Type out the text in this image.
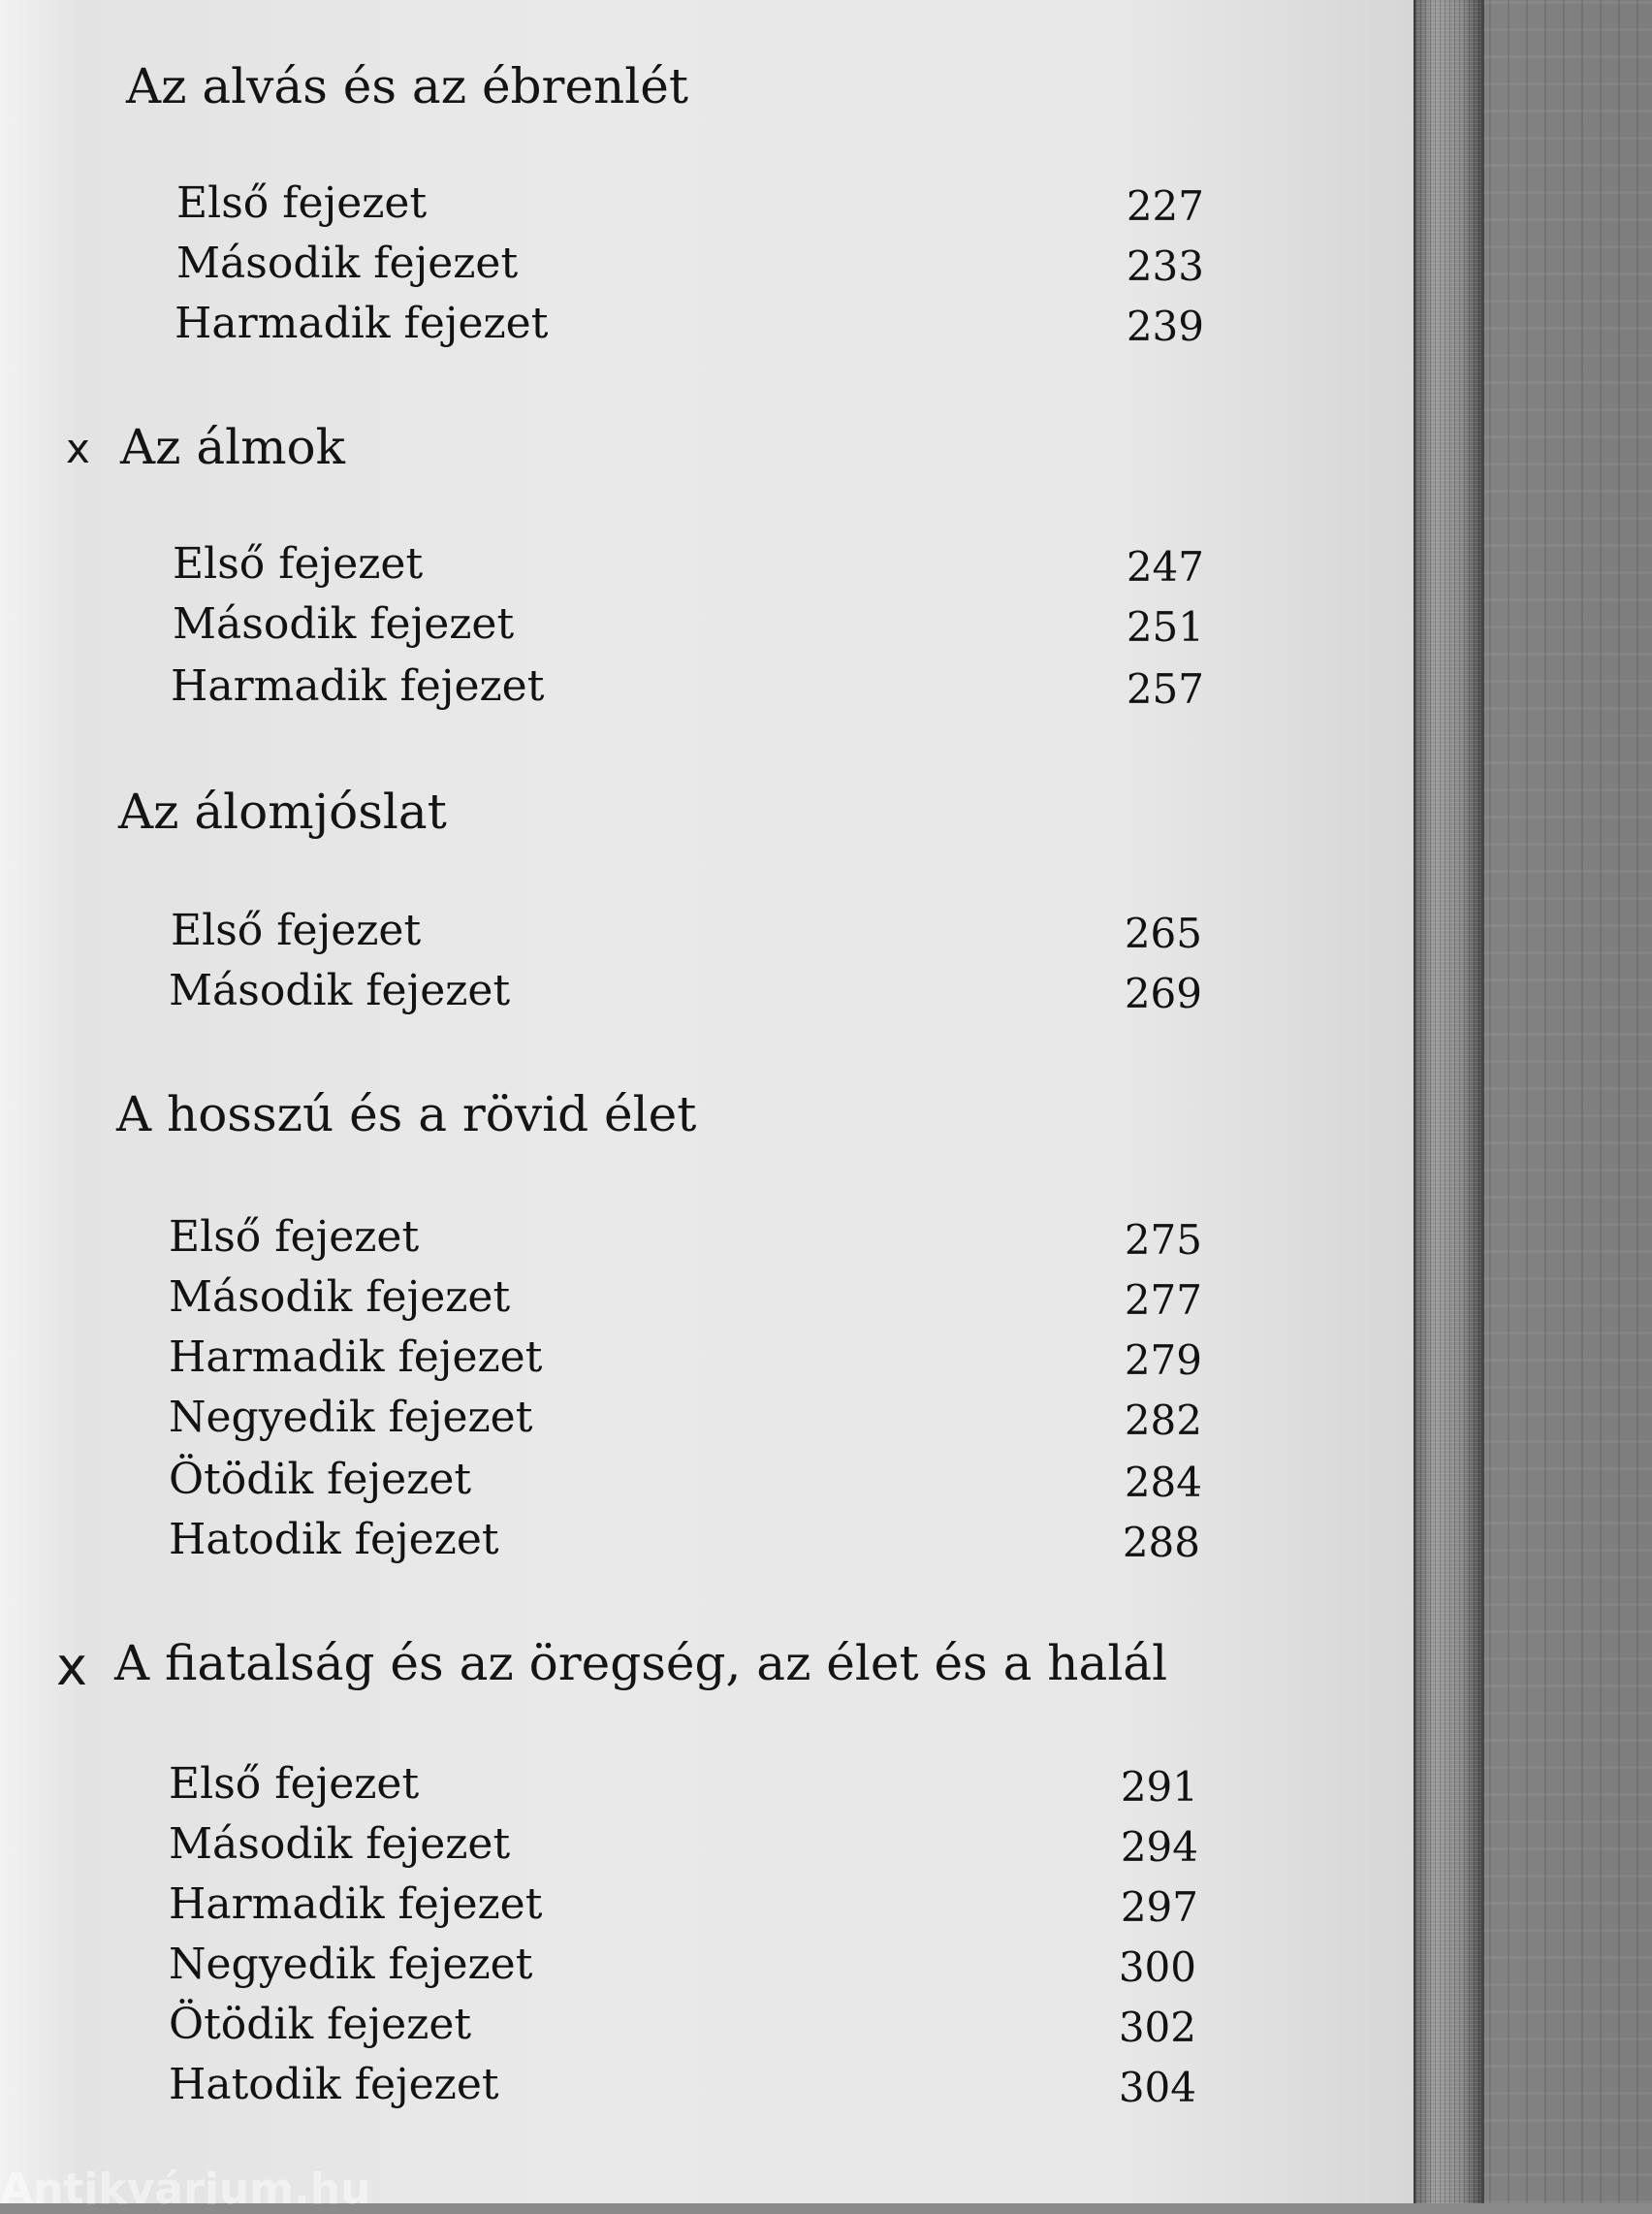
Az alvás és az ébrenlét
Első fejezet	227
Második fejezet	233
Harmadik fejezet	239
x Az álmok
Első fejezet	247
Második fejezet	251
Harmadik fejezet	257
Az álomjóslat
Első fejezet	265
Második fejezet	269
A hosszú és a rövid élet
Első fejezet	275
Második fejezet	277
Harmadik fejezet	279
Negyedik fejezet	282
Ötödik fejezet	284
Hatodik fejezet	288
x A fiatalság és az öregség, az élet és a halál
Első fejezet	291
Második fejezet	294
Harmadik fejezet	297
Negyedik fejezet	300
Ötödik fejezet	302
Hatodik fejezet	304
Antikvárium.hu
